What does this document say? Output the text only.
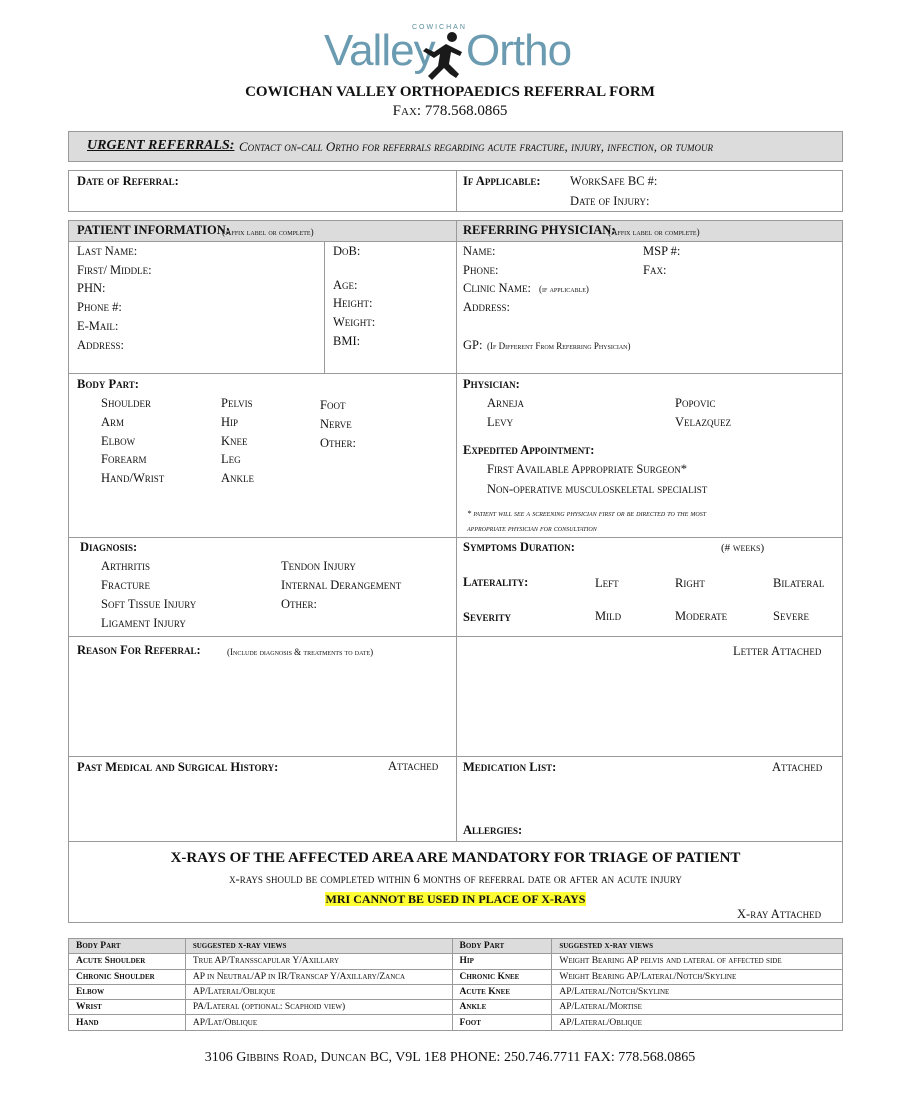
COWICHAN
Valley Ortho
COWICHAN VALLEY ORTHOPAEDICS REFERRAL FORM
Fax: 778.568.0865
URGENT REFERRALS: Contact on-call Ortho for referrals regarding acute fracture, injury, infection, or tumour
Date of Referral:	If Applicable: WorkSafe BC #:
Date of Injury:
PATIENT INFORMATION:
(Affix label or complete)	REFERRING PHYSICIAN:
(Affix label or complete)
Last Name:
First/ Middle:
PHN:
Phone #:
E-Mail:
Address:
DoB:
Age:
Height:
Weight:
BMI:
Name:	MSP #:
Phone:	Fax:
Clinic Name: (if applicable)
Address:
GP: (If Different From Referring Physician)
Body Part:
Shoulder
Arm
Elbow
Forearm
Hand/Wrist
Pelvis
Hip
Knee
Leg
Ankle
Foot
Nerve
Other:
Physician:
Arneja
Levy
Popovic
Velazquez
Expedited Appointment:
First Available Appropriate Surgeon*
Non-operative musculoskeletal specialist
* patient will see a screening physician first or be directed to the most
appropriate physician for consultation
Diagnosis:
Arthritis
Fracture
Soft Tissue Injury
Ligament Injury
Tendon Injury
Internal Derangement
Other:
Symptoms Duration:	(# weeks)
Laterality:	Left	Right	Bilateral
Severity	Mild	Moderate	Severe
Reason For Referral:	(Include diagnosis & treatments to date)	Letter Attached
Past Medical and Surgical History:	Attached Medication List:	Attached
Allergies:
X-RAYS OF THE AFFECTED AREA ARE MANDATORY FOR TRIAGE OF PATIENT
x-rays should be completed within 6 months of referral date or after an acute injury
MRI CANNOT BE USED IN PLACE OF X-RAYS
X-ray Attached
Body Part	suggested x-ray views	Body Part	suggested x-ray views
Acute Shoulder	True AP/Transscapular Y/Axillary	Hip	Weight Bearing AP pelvis and lateral of affected side
Chronic Shoulder	AP in Neutral/AP in IR/Transcap Y/Axillary/Zanca	Chronic Knee	Weight Bearing AP/Lateral/Notch/Skyline
Elbow	AP/Lateral/Oblique	Acute Knee	AP/Lateral/Notch/Skyline
Wrist	PA/Lateral (optional: Scaphoid view)	Ankle	AP/Lateral/Mortise
Hand	AP/Lat/Oblique	Foot	AP/Lateral/Oblique
3106 Gibbins Road, Duncan BC, V9L 1E8 PHONE: 250.746.7711 FAX: 778.568.0865
